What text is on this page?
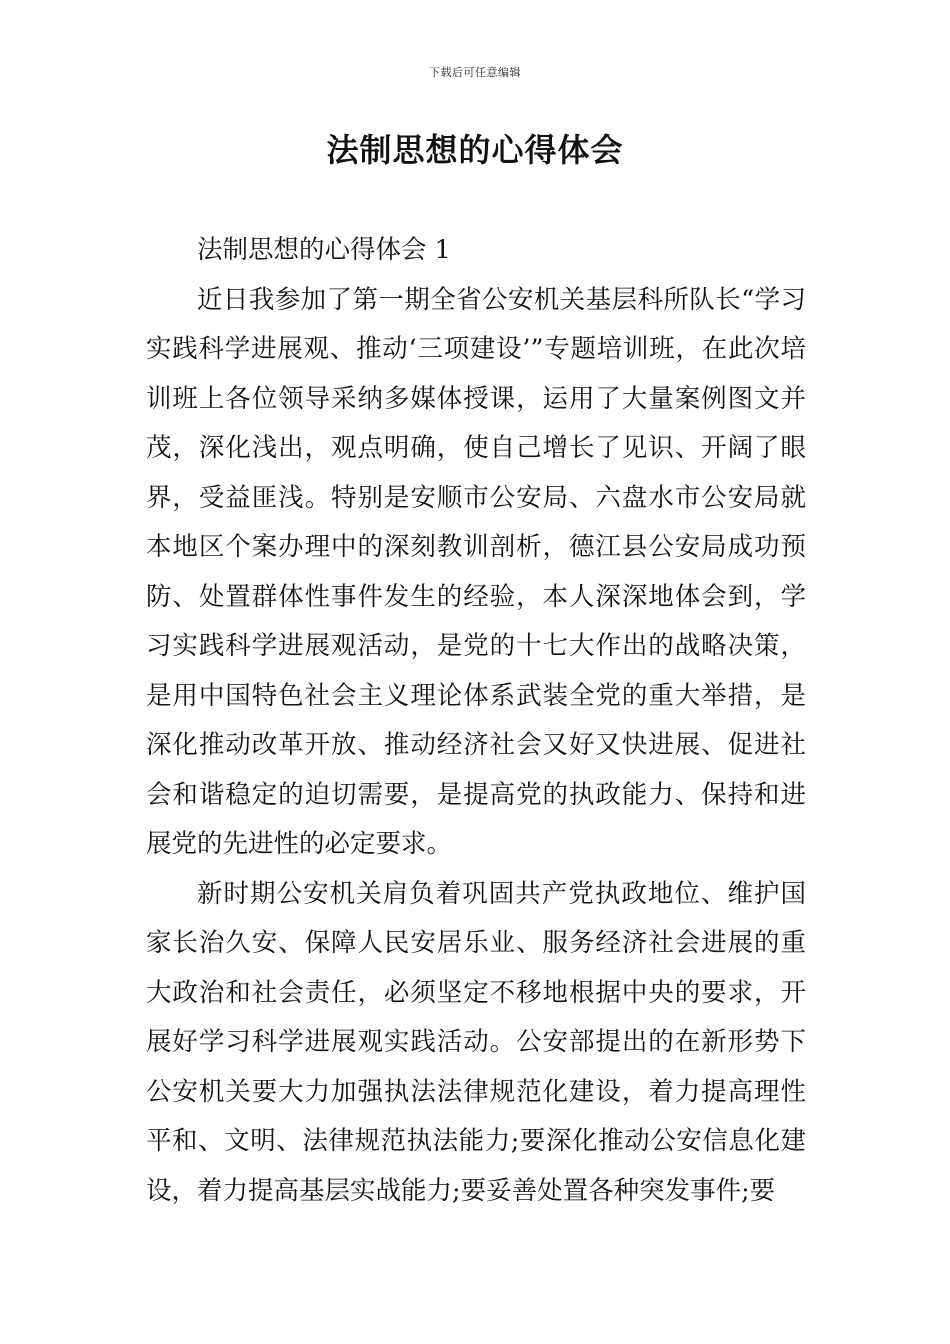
下载后可任意编辑
法制思想的心得体会

法制思想的心得体会 1

近日我参加了第一期全省公安机关基层科所队长“学习实践科学进展观、推动‘三项建设’”专题培训班，在此次培训班上各位领导采纳多媒体授课，运用了大量案例图文并茂，深化浅出，观点明确，使自己增长了见识、开阔了眼界，受益匪浅。特别是安顺市公安局、六盘水市公安局就本地区个案办理中的深刻教训剖析，德江县公安局成功预防、处置群体性事件发生的经验，本人深深地体会到，学习实践科学进展观活动，是党的十七大作出的战略决策，是用中国特色社会主义理论体系武装全党的重大举措，是深化推动改革开放、推动经济社会又好又快进展、促进社会和谐稳定的迫切需要，是提高党的执政能力、保持和进展党的先进性的必定要求。

新时期公安机关肩负着巩固共产党执政地位、维护国家长治久安、保障人民安居乐业、服务经济社会进展的重大政治和社会责任，必须坚定不移地根据中央的要求，开展好学习科学进展观实践活动。公安部提出的在新形势下公安机关要大力加强执法法律规范化建设，着力提高理性平和、文明、法律规范执法能力;要深化推动公安信息化建设，着力提高基层实战能力;要妥善处置各种突发事件;要
